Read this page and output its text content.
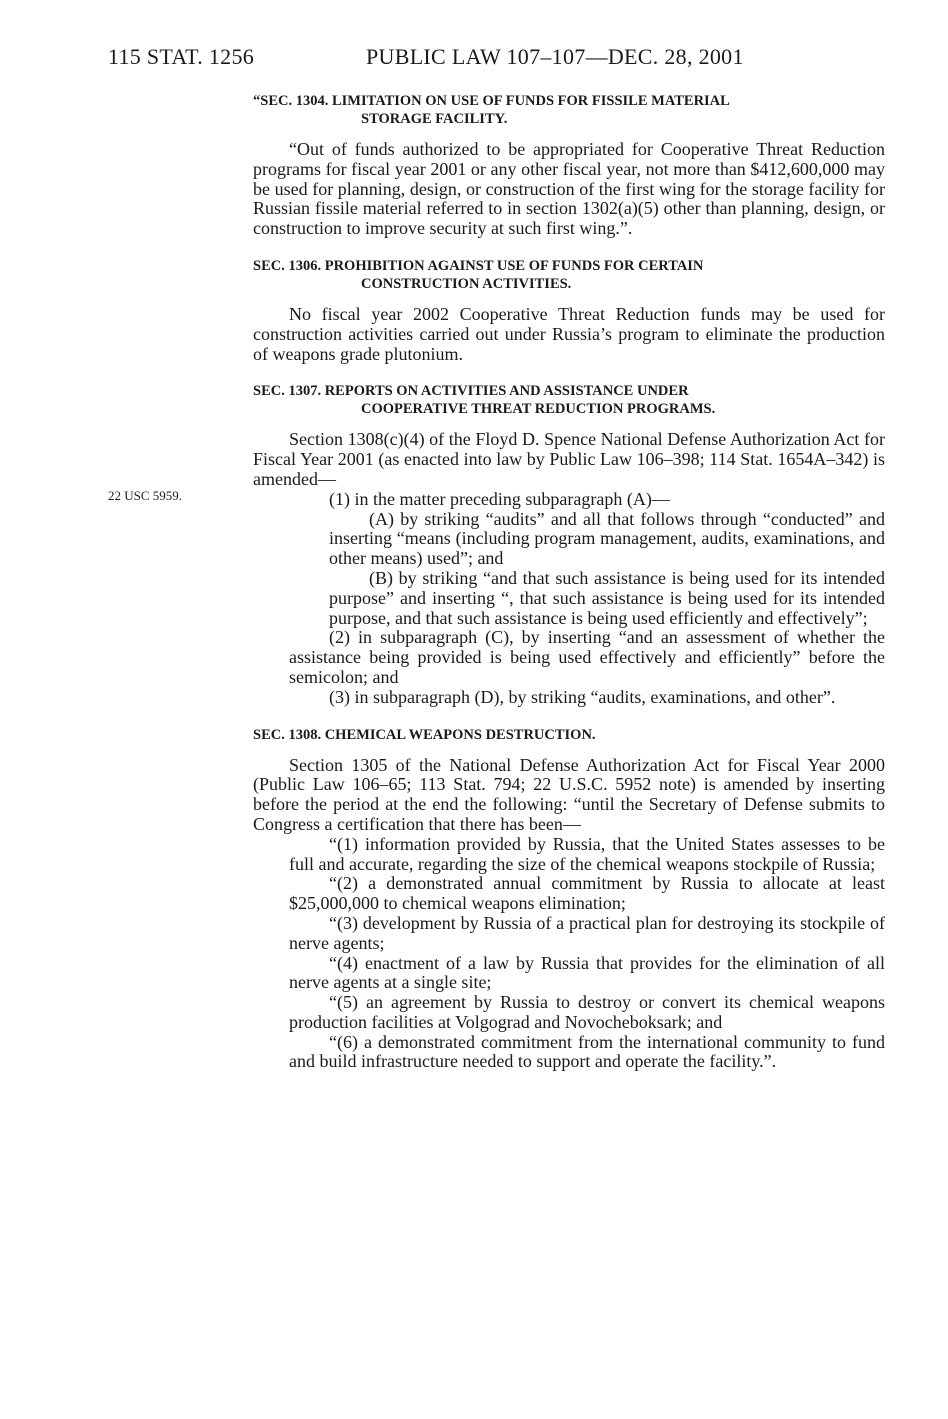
115 STAT. 1256	PUBLIC LAW 107–107—DEC. 28, 2001
22 USC 5959.

“SEC. 1304. LIMITATION ON USE OF FUNDS FOR FISSILE MATERIAL
STORAGE FACILITY.

“Out of funds authorized to be appropriated for Cooperative Threat Reduction programs for fiscal year 2001 or any other fiscal year, not more than $412,600,000 may be used for planning, design, or construction of the first wing for the storage facility for Russian fissile material referred to in section 1302(a)(5) other than planning, design, or construction to improve security at such first wing.”.

SEC. 1306. PROHIBITION AGAINST USE OF FUNDS FOR CERTAIN
CONSTRUCTION ACTIVITIES.

No fiscal year 2002 Cooperative Threat Reduction funds may be used for construction activities carried out under Russia’s program to eliminate the production of weapons grade plutonium.

SEC. 1307. REPORTS ON ACTIVITIES AND ASSISTANCE UNDER
COOPERATIVE THREAT REDUCTION PROGRAMS.

Section 1308(c)(4) of the Floyd D. Spence National Defense Authorization Act for Fiscal Year 2001 (as enacted into law by Public Law 106–398; 114 Stat. 1654A–342) is amended—

(1) in the matter preceding subparagraph (A)—

(A) by striking “audits” and all that follows through “conducted” and inserting “means (including program management, audits, examinations, and other means) used”; and

(B) by striking “and that such assistance is being used for its intended purpose” and inserting “, that such assistance is being used for its intended purpose, and that such assistance is being used efficiently and effectively”;

(2) in subparagraph (C), by inserting “and an assessment of whether the assistance being provided is being used effectively and efficiently” before the semicolon; and

(3) in subparagraph (D), by striking “audits, examinations, and other”.

SEC. 1308. CHEMICAL WEAPONS DESTRUCTION.

Section 1305 of the National Defense Authorization Act for Fiscal Year 2000 (Public Law 106–65; 113 Stat. 794; 22 U.S.C. 5952 note) is amended by inserting before the period at the end the following: “until the Secretary of Defense submits to Congress a certification that there has been—

“(1) information provided by Russia, that the United States assesses to be full and accurate, regarding the size of the chemical weapons stockpile of Russia;

“(2) a demonstrated annual commitment by Russia to allocate at least $25,000,000 to chemical weapons elimination;

“(3) development by Russia of a practical plan for destroying its stockpile of nerve agents;

“(4) enactment of a law by Russia that provides for the elimination of all nerve agents at a single site;

“(5) an agreement by Russia to destroy or convert its chemical weapons production facilities at Volgograd and Novocheboksark; and

“(6) a demonstrated commitment from the international community to fund and build infrastructure needed to support and operate the facility.”.
